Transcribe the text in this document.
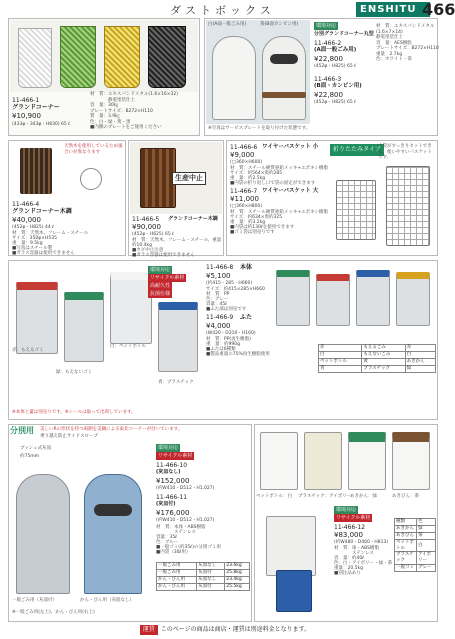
ダストボックス	ENSHITU 466
11-466-1
グランドコーナー
¥10,900
(433φ・343φ・H830) 65 ℓ
材　質：エキスパンドメタル(1.6×16×32)
　　　　静電塗装仕上
容　量：30㎏
プレートサイズ：B272×H110
質　量：3.9㎏
色：白・緑・黄・黒
■内側のプレートをご使用ください
白(A面一般ごみ用)	茶(B面カンビン用)
※写真はサービスプレートを取り付けた状態です。
環境対応
分別グランドコーナー丸型
11-466-2
(A面一般ごみ用)
¥22,800
(452φ・H825) 65 ℓ
11-466-3
(B面・カンビン用)
¥22,800
(452φ・H825) 65 ℓ
材　質：エキスパンドメタル
(1.6×7×14)
静電塗装仕上
容　量：AES樹脂
プレートサイズ：B272×H110
重量：2.7kg
色：ホワイト・茶
天然木を使用しているため風合いが異なります
11-466-4
グランドコーナー木調
¥40,000
(452φ・H825) 44 ℓ
材　質：天然木、フレーム・スチール
サイズ：350φ×H535
重　量：9.5kg
■写真はスチール製
■ガラス容器は使用できません
生産中止
11-466-5
¥90,000
グランドコーナー木調
(452φ・H625) 65 ℓ
材　質：天然木、フレーム・スチール、重量 約10.4kg
■カビ中止注意
■ガラス容器は使用できません
11-466-6 ワイヤーバスケット 小
¥9,000
(□360×H600)
材　質：スチール硬質亜鉛メッキ+エポキシ樹脂
サイズ：約564×奥約285
重　量：約2.5kg
■内袋の折り返し口で袋の固定ができます
11-466-7 ワイヤーバスケット 大
¥11,000
(□360×H800)
材　質：スチール硬質亜鉛メッキ+エポキシ樹脂
サイズ：約634×奥約325
重　量：約3.2kg
■内袋は約130ℓを使用できます
■ゴミ袋は別売りです
折りたたみタイプ
中袋がすっきりセットできる、使いやすいバスケットです。
赤：もえるゴミ
白：ペットボトル
青：プラスチック
緑：もえないゴミ
※本体と蓋は別売りです。※シールは貼って出荷しています。
環境対応
リサイクル素材
高耐久性
抗菌仕様
11-466-8 本体
¥5,100
(約415・285・H660)
サイズ：約415×285×H660
材　質：PP
色：グレー
容量：45ℓ
■ふた部は別売です
11-466-9 ふた
¥4,000
(W420・D310・H160)
材　質：PP(再生樹脂)
重　量：約990g
■ふたは6種類
■製品重量の75%再生樹脂使用
赤	もえるごみ	赤
白	もえないごみ	白
ペットボトル	黄	あきかん
青	プラスチック	緑
分別用 美しいRの形状を持つ両側を美観による東北コーナーが付いています。
乗り越え防止サイドスロープ
プッシュ式灰皿
約75mm
一般ごみ用（灰皿付）	かん・びん用（灰皿なし）
※一般ごみ用(左上)、かん・びん用(右上)
環境対応
リサイクル素材
11-466-10
(灰皿なし)
¥152,000
(約W410・D512・H1,027)
11-466-11
(灰皿付)
¥176,000
(約W410・D512・H1,027)
材　質：本体・ABS樹脂
　　　　ステンレス
容量：35ℓ
色：ブルー
■一般ゴミ(約35ℓ)の分別ゴミ用
■内袋（30ℓ用）
一般ごみ用	灰皿なし	23.6kg
一般ごみ用	灰皿付	25.8kg
かん・びん用	灰皿なし	23.4kg
かん・びん用	灰皿付	25.5kg
ペットボトル：白 プラスチック：アイボリー
あきかん：緑	あきびん：茶
環境対応
リサイクル素材
11-466-12
¥83,000
(約W480・D460・H813)
材　質：扉・ABS樹脂
　　　　ステンレス
容　量：約40ℓ
色：白・アイボリー・緑・茶
重量：20.5kg
■別注品あり
種類	色
あきかん	緑
あきびん	茶
ペットボトル	白
プラスチック	アイボリー
一般ゴミ	グレー
運賃 このページの商品は商店・運賃は別途料金となります。
